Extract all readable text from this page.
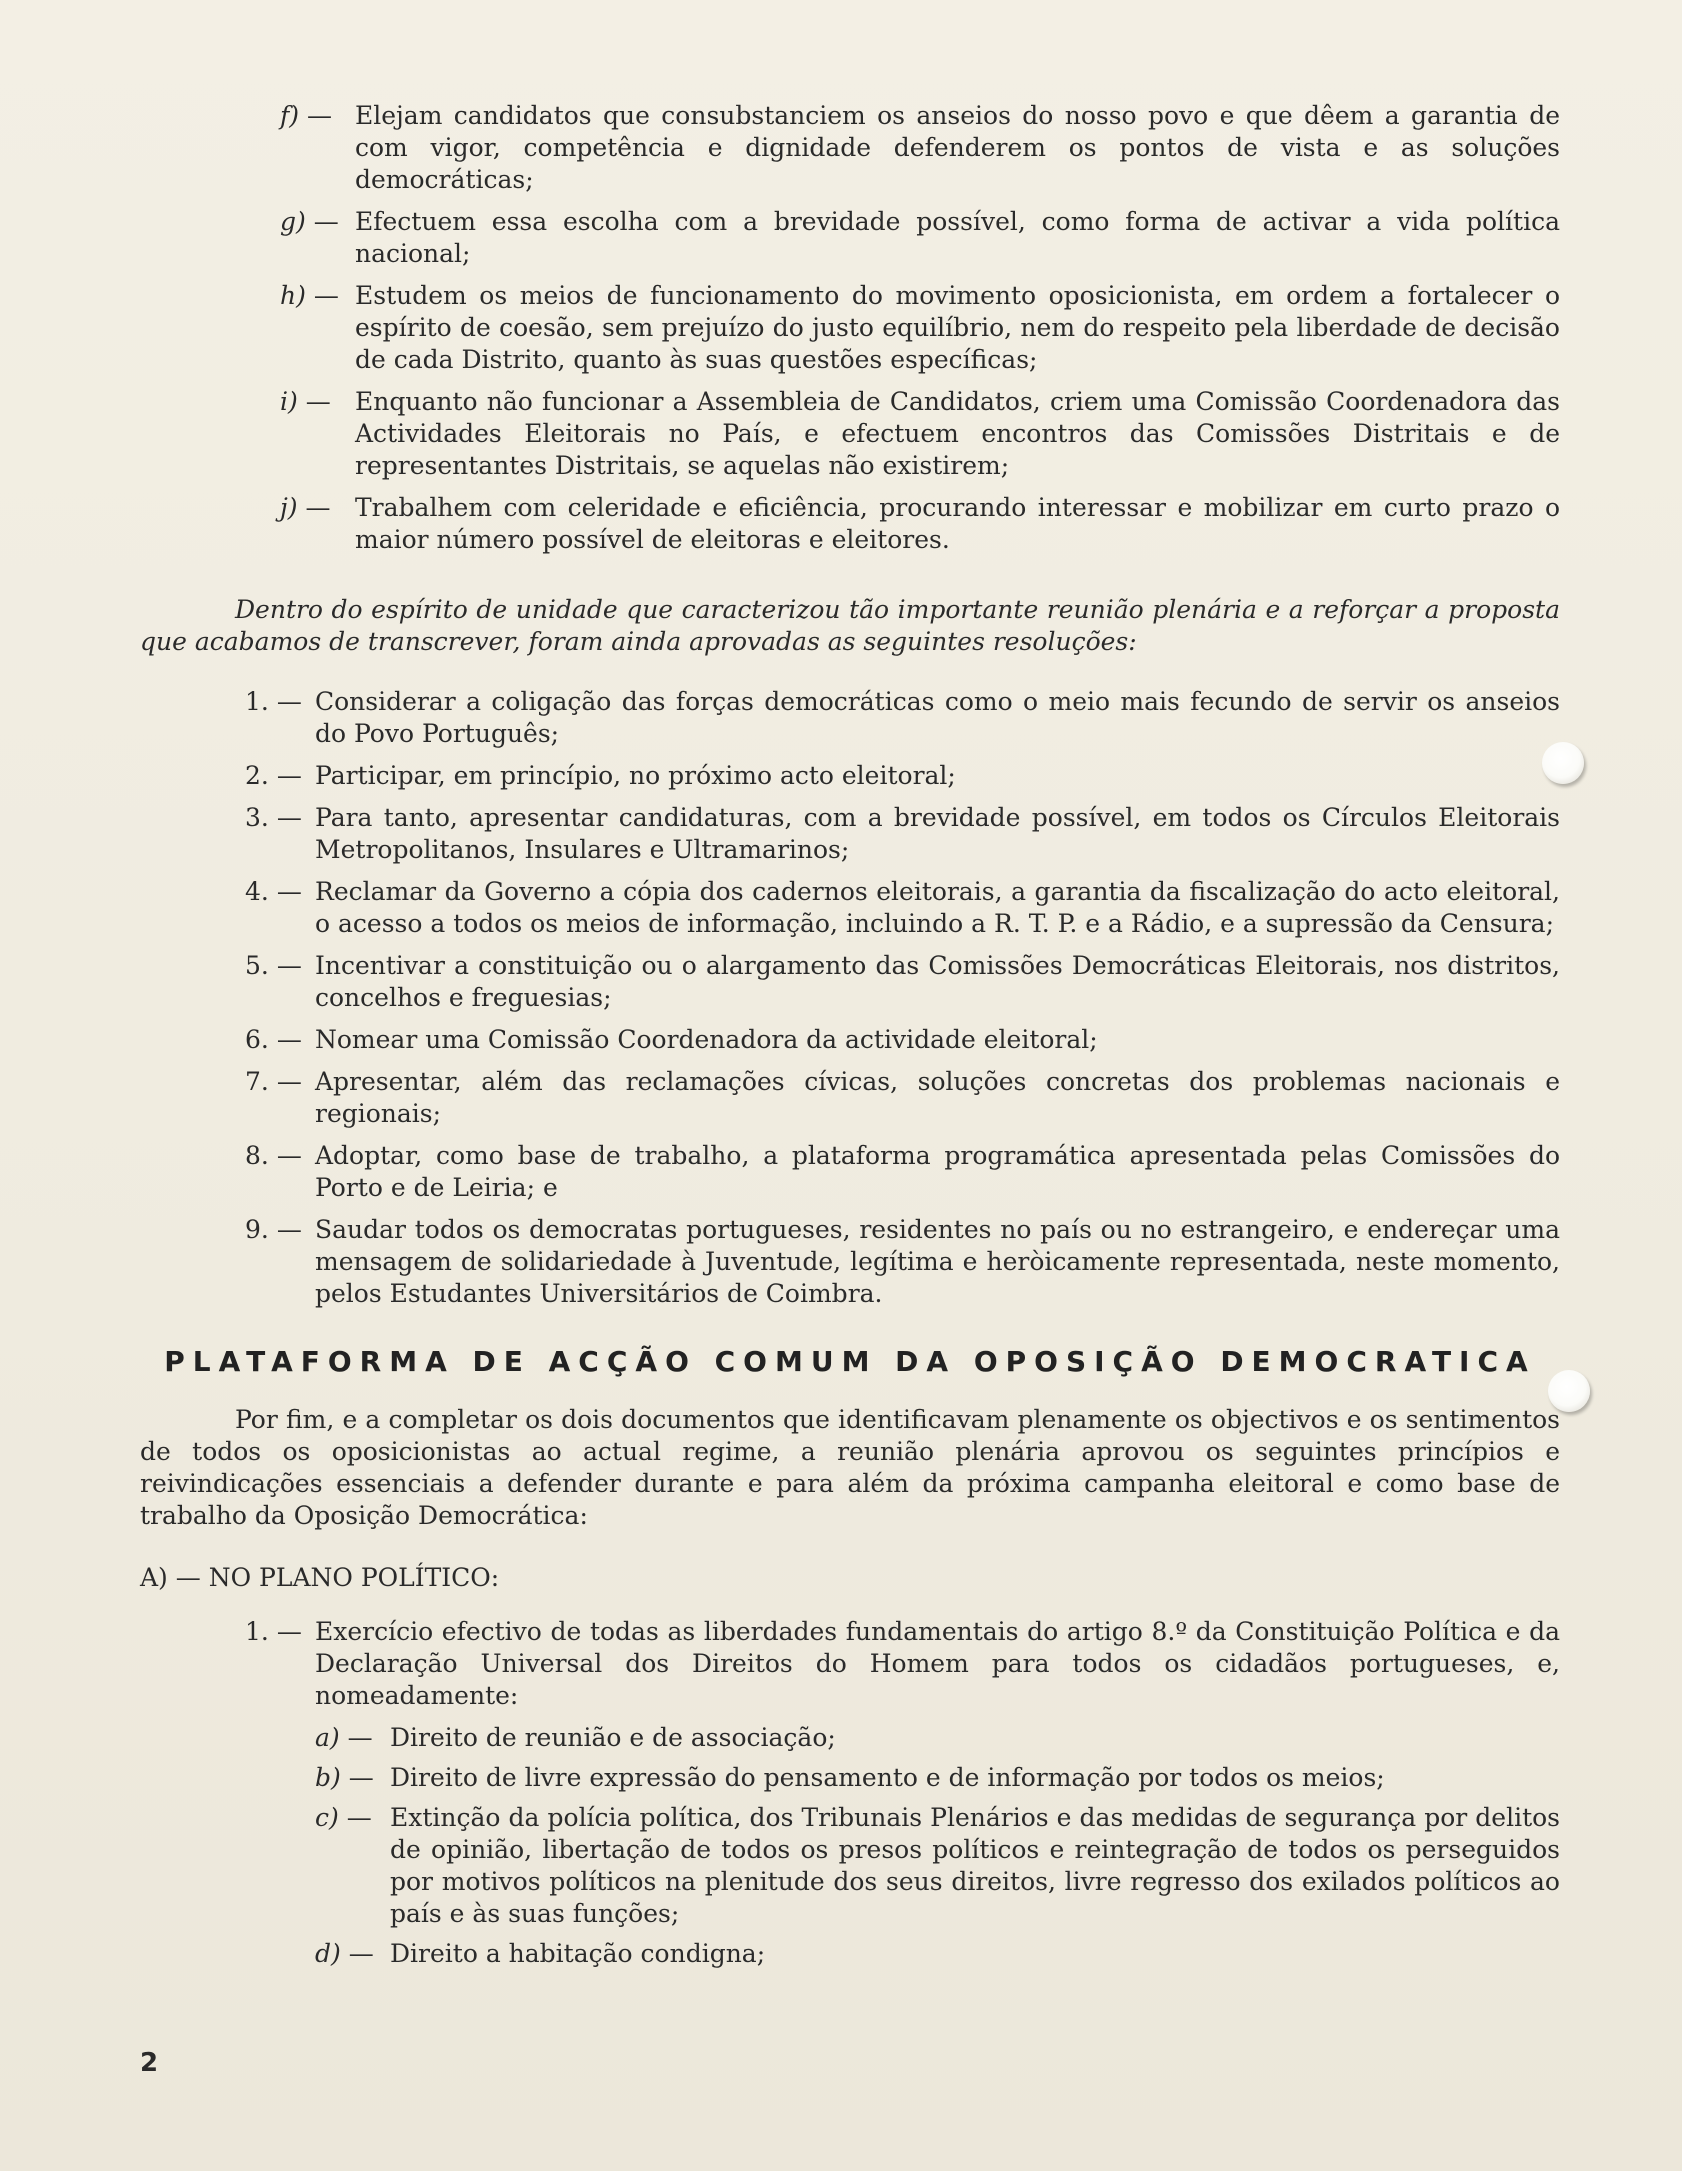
f) — Elejam candidatos que consubstanciem os anseios do nosso povo e que dêem a garantia de com vigor, competência e dignidade defenderem os pontos de vista e as soluções democráticas;
g) — Efectuem essa escolha com a brevidade possível, como forma de activar a vida política nacional;
h) — Estudem os meios de funcionamento do movimento oposicionista, em ordem a fortalecer o espírito de coesão, sem prejuízo do justo equilíbrio, nem do respeito pela liberdade de decisão de cada Distrito, quanto às suas questões específicas;
i) — Enquanto não funcionar a Assembleia de Candidatos, criem uma Comissão Coordenadora das Actividades Eleitorais no País, e efectuem encontros das Comissões Distritais e de representantes Distritais, se aquelas não existirem;
j) — Trabalhem com celeridade e eficiência, procurando interessar e mobilizar em curto prazo o maior número possível de eleitoras e eleitores.

Dentro do espírito de unidade que caracterizou tão importante reunião plenária e a reforçar a proposta que acabamos de transcrever, foram ainda aprovadas as seguintes resoluções:

1. — Considerar a coligação das forças democráticas como o meio mais fecundo de servir os anseios do Povo Português;
2. — Participar, em princípio, no próximo acto eleitoral;
3. — Para tanto, apresentar candidaturas, com a brevidade possível, em todos os Círculos Eleitorais Metropolitanos, Insulares e Ultramarinos;
4. — Reclamar da Governo a cópia dos cadernos eleitorais, a garantia da fiscalização do acto eleitoral, o acesso a todos os meios de informação, incluindo a R. T. P. e a Rádio, e a supressão da Censura;
5. — Incentivar a constituição ou o alargamento das Comissões Democráticas Eleitorais, nos distritos, concelhos e freguesias;
6. — Nomear uma Comissão Coordenadora da actividade eleitoral;
7. — Apresentar, além das reclamações cívicas, soluções concretas dos problemas nacionais e regionais;
8. — Adoptar, como base de trabalho, a plataforma programática apresentada pelas Comissões do Porto e de Leiria; e
9. — Saudar todos os democratas portugueses, residentes no país ou no estrangeiro, e endereçar uma mensagem de solidariedade à Juventude, legítima e heròicamente representada, neste momento, pelos Estudantes Universitários de Coimbra.
PLATAFORMA DE ACÇÃO COMUM DA OPOSIÇÃO DEMOCRATICA

Por fim, e a completar os dois documentos que identificavam plenamente os objectivos e os sentimentos de todos os oposicionistas ao actual regime, a reunião plenária aprovou os seguintes princípios e reivindicações essenciais a defender durante e para além da próxima campanha eleitoral e como base de trabalho da Oposição Democrática:

A) — NO PLANO POLÍTICO:
1. — Exercício efectivo de todas as liberdades fundamentais do artigo 8.º da Constituição Política e da Declaração Universal dos Direitos do Homem para todos os cidadãos portugueses, e, nomeadamente:
a) — Direito de reunião e de associação;
b) — Direito de livre expressão do pensamento e de informação por todos os meios;
c) — Extinção da polícia política, dos Tribunais Plenários e das medidas de segurança por delitos de opinião, libertação de todos os presos políticos e reintegração de todos os perseguidos por motivos políticos na plenitude dos seus direitos, livre regresso dos exilados políticos ao país e às suas funções;
d) — Direito a habitação condigna;
2
